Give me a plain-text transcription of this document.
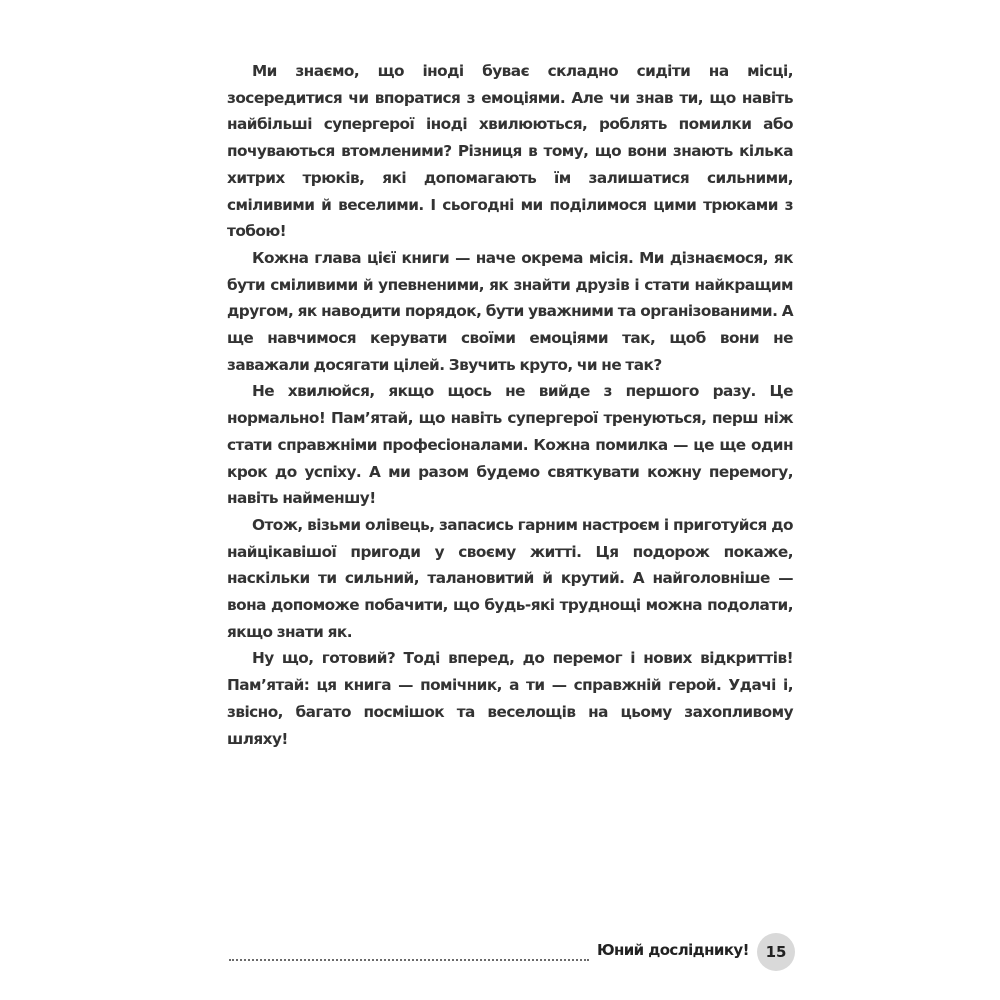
Ми знаємо, що іноді буває складно сидіти на місці, зосередитися чи впоратися з емоціями. Але чи знав ти, що навіть найбільші супергерої іноді хвилюються, роблять помилки або почуваються втомленими? Різниця в тому, що вони знають кілька хитрих трюків, які допомагають їм залишатися сильними, сміливими й веселими. І сьогодні ми поділимося цими трюками з тобою!

Кожна глава цієї книги — наче окрема місія. Ми дізнаємося, як бути сміливими й упевненими, як знайти друзів і стати найкращим другом, як наводити порядок, бути уважними та організованими. А ще навчимося керувати своїми емоціями так, щоб вони не заважали досягати цілей. Звучить круто, чи не так?

Не хвилюйся, якщо щось не вийде з першого разу. Це нормально! Пам’ятай, що навіть супергерої тренуються, перш ніж стати справжніми професіоналами. Кожна помилка — це ще один крок до успіху. А ми разом будемо святкувати кожну перемогу, навіть найменшу!

Отож, візьми олівець, запасись гарним настроєм і приготуйся до найцікавішої пригоди у своєму житті. Ця подорож покаже, наскільки ти сильний, талановитий й крутий. А найголовніше — вона допоможе побачити, що будь-які труднощі можна подолати, якщо знати як.

Ну що, готовий? Тоді вперед, до перемог і нових відкриттів! Пам’ятай: ця книга — помічник, а ти — справжній герой. Удачі і, звісно, багато посмішок та веселощів на цьому захопливому шляху!

Юний досліднику! 15
